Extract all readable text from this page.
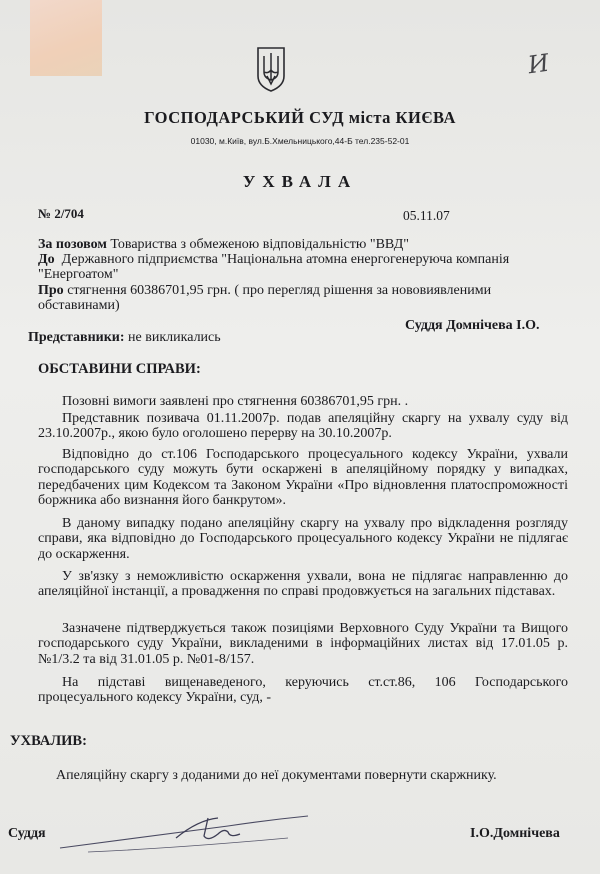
И
ГОСПОДАРСЬКИЙ СУД міста КИЄВА
01030, м.Київ, вул.Б.Хмельницького,44-Б тел.235-52-01
УХВАЛА
№ 2/704	05.11.07
За позовом Товариства з обмеженою відповідальністю "ВВД"
До Державного підприємства "Національна атомна енергогенеруюча компанія
"Енергоатом"
Про стягнення 60386701,95 грн. ( про перегляд рішення за нововиявленими
обставинами)
Суддя Домнічева І.О.
Представники: не викликались
ОБСТАВИНИ СПРАВИ:
Позовні вимоги заявлені про стягнення 60386701,95 грн. .
Представник позивача 01.11.2007р. подав апеляційну скаргу на ухвалу суду від 23.10.2007р., якою було оголошено перерву на 30.10.2007р.
Відповідно до ст.106 Господарського процесуального кодексу України, ухвали господарського суду можуть бути оскаржені в апеляційному порядку у випадках, передбачених цим Кодексом та Законом України «Про відновлення платоспроможності боржника або визнання його банкрутом».
В даному випадку подано апеляційну скаргу на ухвалу про відкладення розгляду справи, яка відповідно до Господарського процесуального кодексу України не підлягає до оскарження.
У зв'язку з неможливістю оскарження ухвали, вона не підлягає направленню до апеляційної інстанції, а провадження по справі продовжується на загальних підставах.
Зазначене підтверджується також позиціями Верховного Суду України та Вищого господарського суду України, викладеними в інформаційних листах від 17.01.05 р. №1/3.2 та від 31.01.05 р. №01-8/157.
На підставі вищенаведеного, керуючись ст.ст.86, 106 Господарського процесуального кодексу України, суд, -
УХВАЛИВ:
Апеляційну скаргу з доданими до неї документами повернути скаржнику.
Суддя	І.О.Домнічева
